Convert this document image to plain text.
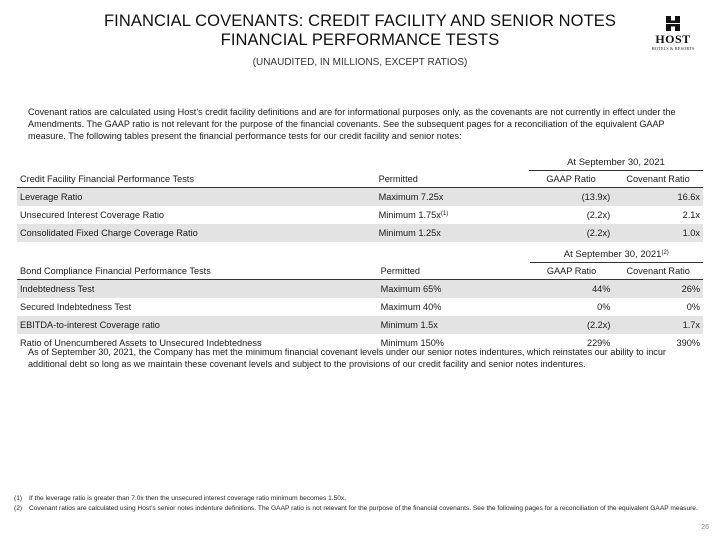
FINANCIAL COVENANTS: CREDIT FACILITY AND SENIOR NOTES
FINANCIAL PERFORMANCE TESTS
(UNAUDITED, IN MILLIONS, EXCEPT RATIOS)
HOST
HOTELS & RESORTS
Covenant ratios are calculated using Host’s credit facility definitions and are for informational purposes only, as the covenants are not currently in effect under the Amendments. The GAAP ratio is not relevant for the purpose of the financial covenants. See the subsequent pages for a reconciliation of the equivalent GAAP measure. The following tables present the financial performance tests for our credit facility and senior notes:
		At September 30, 2021	
Credit Facility Financial Performance Tests	Permitted	GAAP Ratio	Covenant Ratio
Leverage Ratio	Maximum 7.25x	(13.9x)	16.6x
Unsecured Interest Coverage Ratio	Minimum $1.75x^{(1)}$	(2.2x)	2.1x
Consolidated Fixed Charge Coverage Ratio	Minimum 1.25x	(2.2x)	1.0x
		At September 30, 2021$^{(2)}$
Bond Compliance Financial Performance Tests	Permitted	GAAP Ratio	Covenant Ratio
Indebtedness Test	Maximum 65%	44%	26%
Secured Indebtedness Test	Maximum 40%	0%	0%
EBITDA-to-interest Coverage ratio	Minimum 1.5x	(2.2x)	1.7x
Ratio of Unencumbered Assets to Unsecured Indebtedness	Minimum 150%	229%	390%
As of September 30, 2021, the Company has met the minimum financial covenant levels under our senior notes indentures, which reinstates our ability to incur additional debt so long as we maintain these covenant levels and subject to the provisions of our credit facility and senior notes indentures.
(1)	If the leverage ratio is greater than 7.0x then the unsecured interest coverage ratio minimum becomes 1.50x.
(2)	Covenant ratios are calculated using Host’s senior notes indenture definitions. The GAAP ratio is not relevant for the purpose of the financial covenants. See the following pages for a reconciliation of the equivalent GAAP measure.
26
